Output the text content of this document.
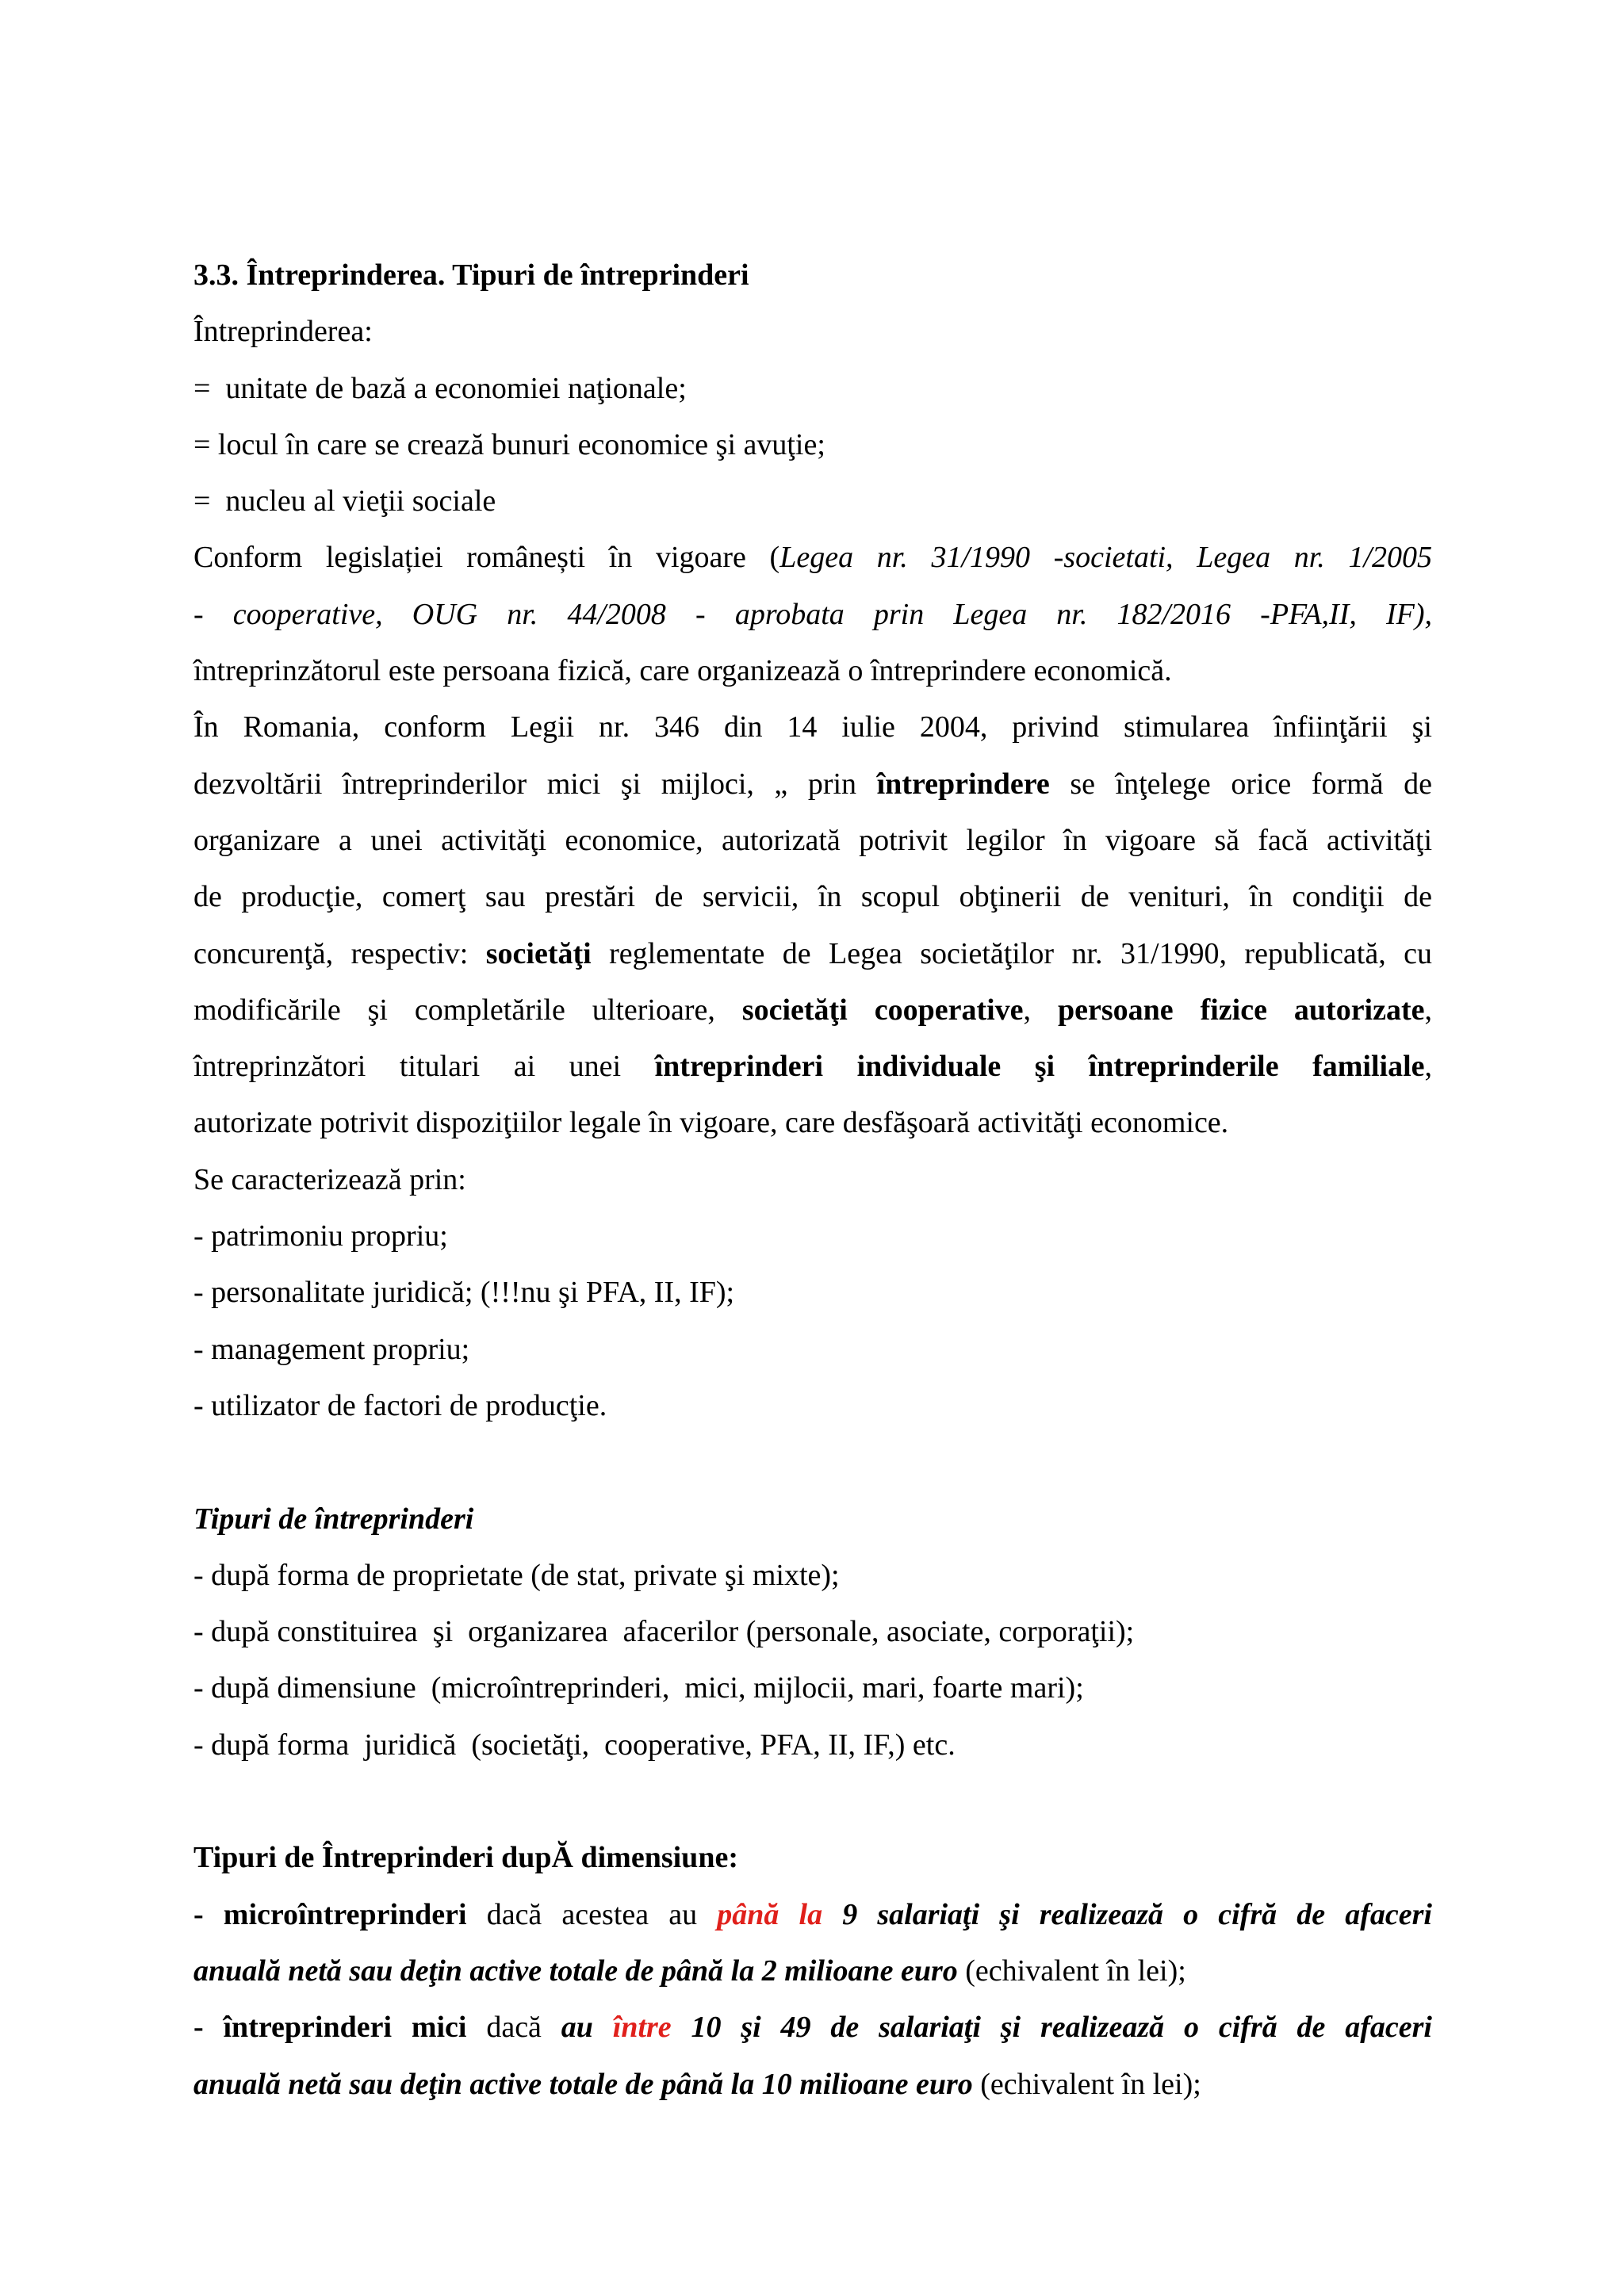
3.3. Întreprinderea. Tipuri de întreprinderi

Întreprinderea:

=  unitate de bază a economiei naţionale;

= locul în care se crează bunuri economice şi avuţie;

=  nucleu al vieţii sociale

Conform legislației românești în vigoare (Legea nr. 31/1990 -societati, Legea nr. 1/2005

- cooperative, OUG nr. 44/2008 - aprobata prin Legea nr. 182/2016 -PFA,II, IF),

întreprinzătorul este persoana fizică, care organizează o întreprindere economică.

În Romania, conform Legii nr. 346 din 14 iulie 2004, privind stimularea înfiinţării şi

dezvoltării întreprinderilor mici şi mijloci, „ prin întreprindere se înţelege orice formă de

organizare a unei activităţi economice, autorizată potrivit legilor în vigoare să facă activităţi

de producţie, comerţ sau prestări de servicii, în scopul obţinerii de venituri, în condiţii de

concurenţă, respectiv: societăţi reglementate de Legea societăţilor nr. 31/1990, republicată, cu

modificările şi completările ulterioare, societăţi cooperative, persoane fizice autorizate,

întreprinzători titulari ai unei întreprinderi individuale şi întreprinderile familiale,

autorizate potrivit dispoziţiilor legale în vigoare, care desfăşoară activităţi economice.

Se caracterizează prin:

- patrimoniu propriu;

- personalitate juridică; (!!!nu şi PFA, II, IF);

- management propriu;

- utilizator de factori de producţie.

Tipuri de întreprinderi

- după forma de proprietate (de stat, private şi mixte);

- după constituirea  şi  organizarea  afacerilor (personale, asociate, corporaţii);

- după dimensiune  (microîntreprinderi,  mici, mijlocii, mari, foarte mari);

- după forma  juridică  (societăţi,  cooperative, PFA, II, IF,) etc.

Tipuri de Întreprinderi dupĂ dimensiune:

- microîntreprinderi dacă acestea au până la 9 salariaţi şi realizează o cifră de afaceri

anuală netă sau deţin active totale de până la 2 milioane euro (echivalent în lei);

- întreprinderi mici dacă au între 10 şi 49 de salariaţi şi realizează o cifră de afaceri

anuală netă sau deţin active totale de până la 10 milioane euro (echivalent în lei);
